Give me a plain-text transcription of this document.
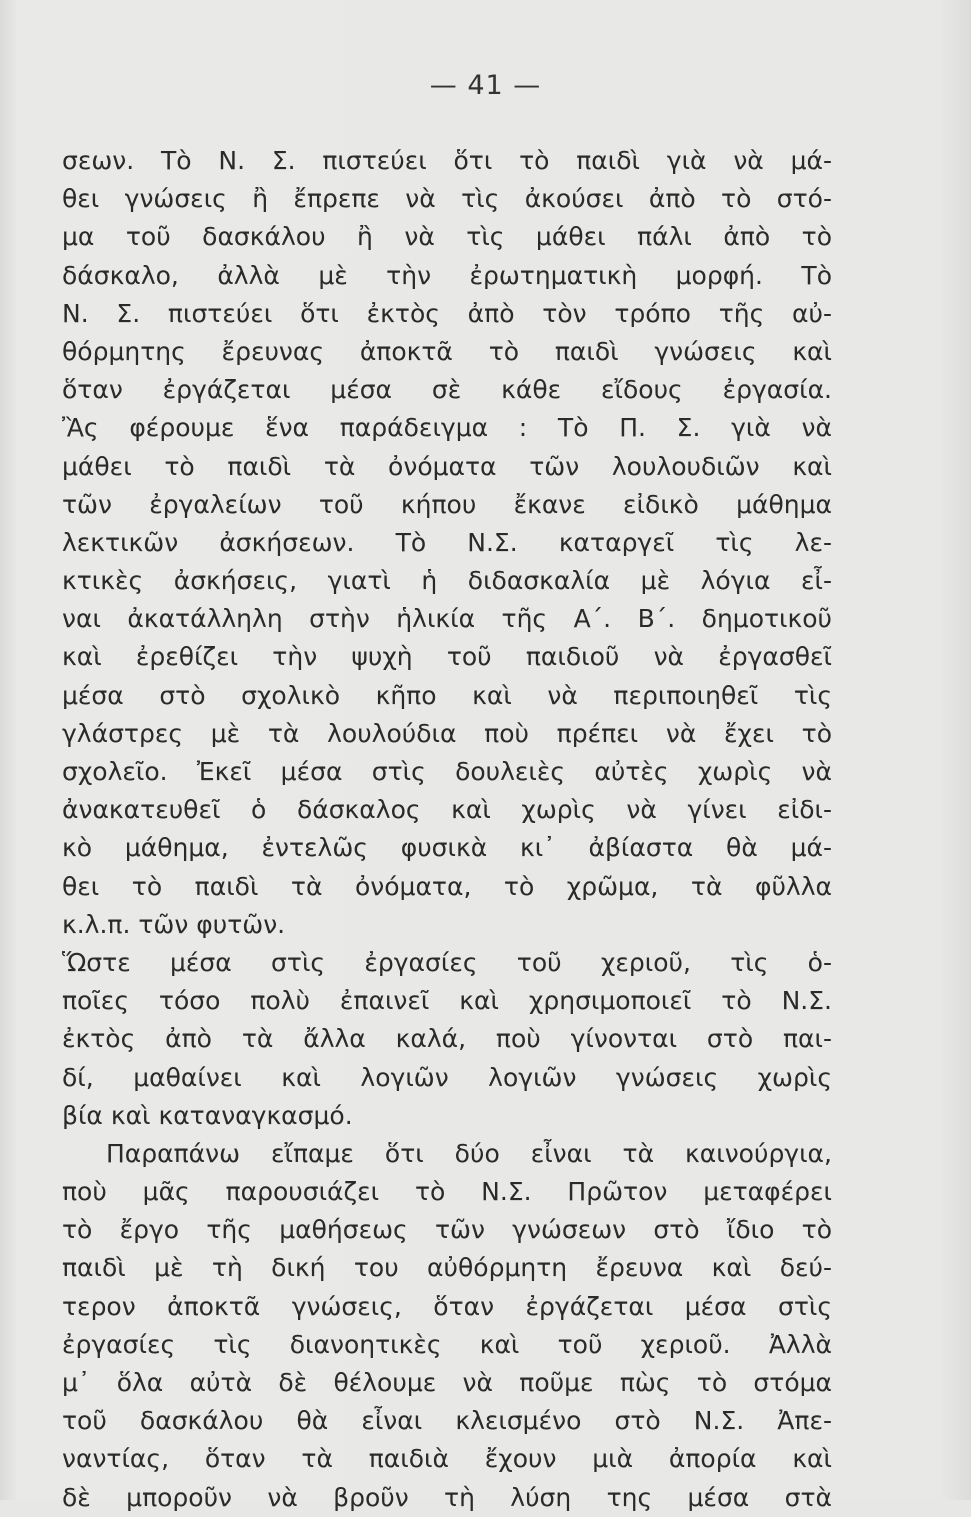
— 41 —
σεων. Τὸ Ν. Σ. πιστεύει ὅτι τὸ παιδὶ γιὰ νὰ μά-
θει γνώσεις ἢ ἔπρεπε νὰ τὶς ἀκούσει ἀπὸ τὸ στό-
μα τοῦ δασκάλου ἢ νὰ τὶς μάθει πάλι ἀπὸ τὸ
δάσκαλο, ἀλλὰ μὲ τὴν ἐρωτηματικὴ μορφή. Τὸ
Ν. Σ. πιστεύει ὅτι ἐκτὸς ἀπὸ τὸν τρόπο τῆς αὐ-
θόρμητης ἔρευνας ἀποκτᾶ τὸ παιδὶ γνώσεις καὶ
ὅταν ἐργάζεται μέσα σὲ κάθε εἴδους ἐργασία.
Ἂς φέρουμε ἕνα παράδειγμα : Τὸ Π. Σ. γιὰ νὰ
μάθει τὸ παιδὶ τὰ ὀνόματα τῶν λουλουδιῶν καὶ
τῶν ἐργαλείων τοῦ κήπου ἔκανε εἰδικὸ μάθημα
λεκτικῶν ἀσκήσεων. Τὸ Ν.Σ. καταργεῖ τὶς λε-
κτικὲς ἀσκήσεις, γιατὶ ἡ διδασκαλία μὲ λόγια εἶ-
ναι ἀκατάλληλη στὴν ἡλικία τῆς Α΄. Β΄. δημοτικοῦ
καὶ ἐρεθίζει τὴν ψυχὴ τοῦ παιδιοῦ νὰ ἐργασθεῖ
μέσα στὸ σχολικὸ κῆπο καὶ νὰ περιποιηθεῖ τὶς
γλάστρες μὲ τὰ λουλούδια ποὺ πρέπει νὰ ἔχει τὸ
σχολεῖο. Ἐκεῖ μέσα στὶς δουλειὲς αὐτὲς χωρὶς νὰ
ἀνακατευθεῖ ὁ δάσκαλος καὶ χωρὶς νὰ γίνει εἰδι-
κὸ μάθημα, ἐντελῶς φυσικὰ κι᾽ ἀβίαστα θὰ μά-
θει τὸ παιδὶ τὰ ὀνόματα, τὸ χρῶμα, τὰ φῦλλα
κ.λ.π. τῶν φυτῶν.
Ὥστε μέσα στὶς ἐργασίες τοῦ χεριοῦ, τὶς ὁ-
ποῖες τόσο πολὺ ἐπαινεῖ καὶ χρησιμοποιεῖ τὸ Ν.Σ.
ἐκτὸς ἀπὸ τὰ ἄλλα καλά, ποὺ γίνονται στὸ παι-
δί, μαθαίνει καὶ λογιῶν λογιῶν γνώσεις χωρὶς
βία καὶ καταναγκασμό.
Παραπάνω εἴπαμε ὅτι δύο εἶναι τὰ καινούργια,
ποὺ μᾶς παρουσιάζει τὸ Ν.Σ. Πρῶτον μεταφέρει
τὸ ἔργο τῆς μαθήσεως τῶν γνώσεων στὸ ἴδιο τὸ
παιδὶ μὲ τὴ δική του αὐθόρμητη ἔρευνα καὶ δεύ-
τερον ἀποκτᾶ γνώσεις, ὅταν ἐργάζεται μέσα στὶς
ἐργασίες τὶς διανοητικὲς καὶ τοῦ χεριοῦ. Ἀλλὰ
μ᾽ ὅλα αὐτὰ δὲ θέλουμε νὰ ποῦμε πὼς τὸ στόμα
τοῦ δασκάλου θὰ εἶναι κλεισμένο στὸ Ν.Σ. Ἀπε-
ναντίας, ὅταν τὰ παιδιὰ ἔχουν μιὰ ἀπορία καὶ
δὲ μποροῦν νὰ βροῦν τὴ λύση της μέσα στὰ
